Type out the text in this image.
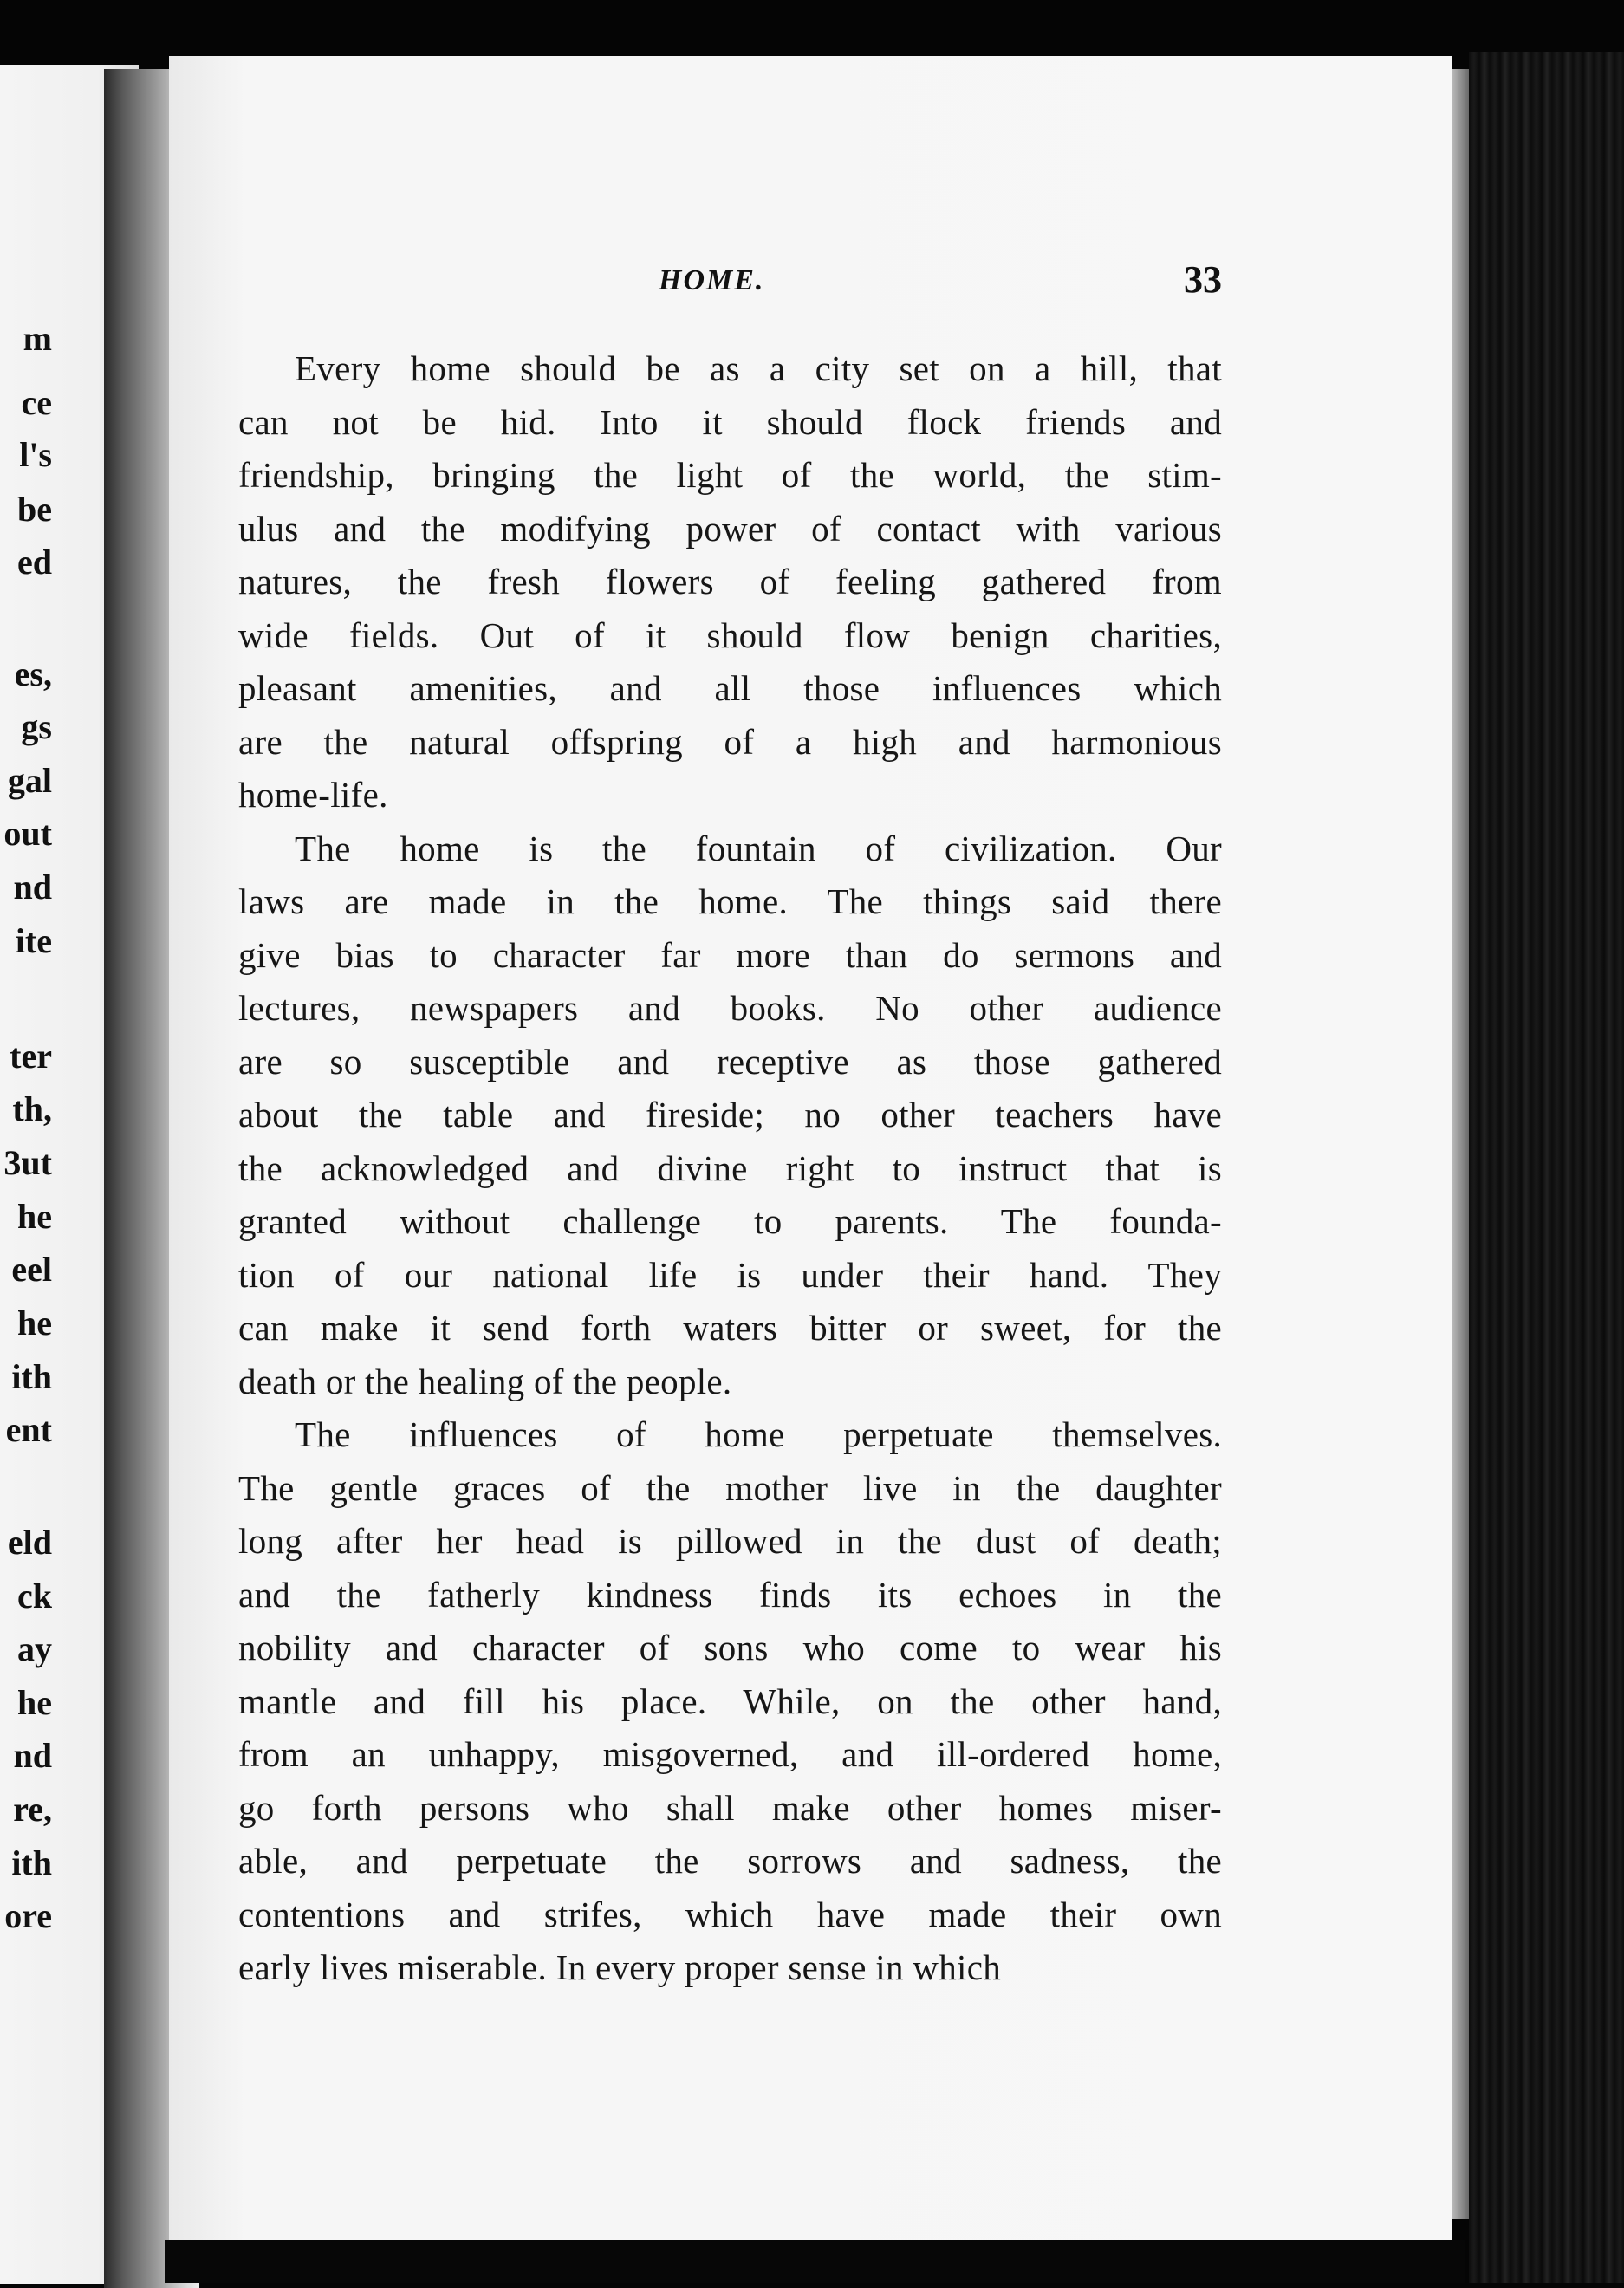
m
ce
l's
be
ed
es,
gs
gal
out
nd
ite
ter
th,
3ut
he
eel
he
ith
ent
eld
ck
ay
he
nd
re,
ith
ore
HOME.	33
Every home should be as a city set on a hill, that
can not be hid. Into it should flock friends and
friendship, bringing the light of the world, the stim-
ulus and the modifying power of contact with various
natures, the fresh flowers of feeling gathered from
wide fields. Out of it should flow benign charities,
pleasant amenities, and all those influences which
are the natural offspring of a high and harmonious
home-life.
The home is the fountain of civilization. Our
laws are made in the home. The things said there
give bias to character far more than do sermons and
lectures, newspapers and books. No other audience
are so susceptible and receptive as those gathered
about the table and fireside; no other teachers have
the acknowledged and divine right to instruct that is
granted without challenge to parents. The founda-
tion of our national life is under their hand. They
can make it send forth waters bitter or sweet, for the
death or the healing of the people.
The influences of home perpetuate themselves.
The gentle graces of the mother live in the daughter
long after her head is pillowed in the dust of death;
and the fatherly kindness finds its echoes in the
nobility and character of sons who come to wear his
mantle and fill his place. While, on the other hand,
from an unhappy, misgoverned, and ill-ordered home,
go forth persons who shall make other homes miser-
able, and perpetuate the sorrows and sadness, the
contentions and strifes, which have made their own
early lives miserable. In every proper sense in which
